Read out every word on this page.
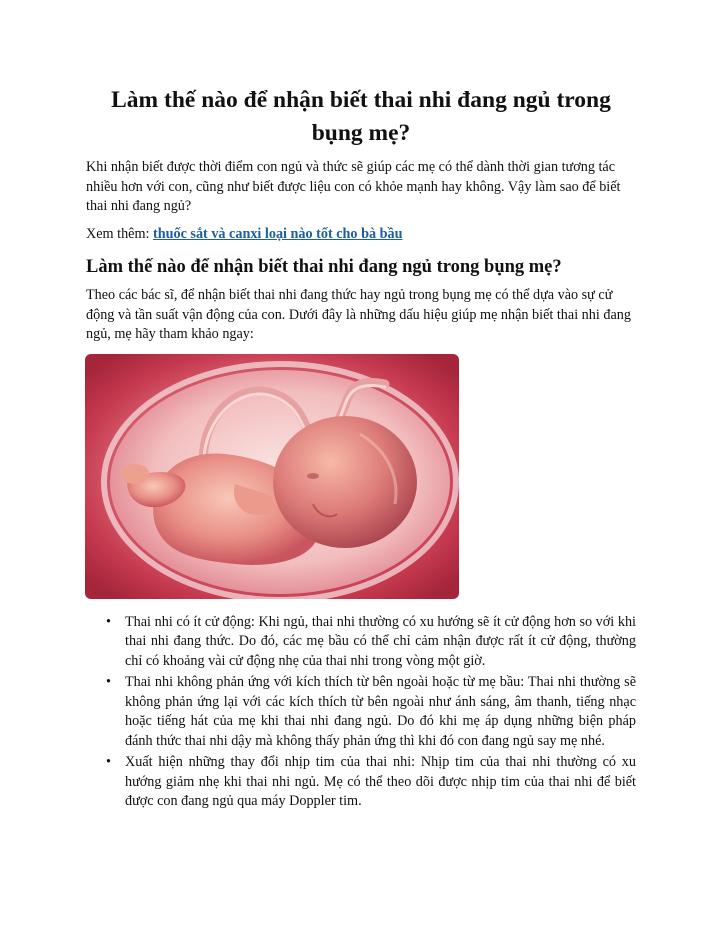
Làm thế nào để nhận biết thai nhi đang ngủ trong bụng mẹ?

Khi nhận biết được thời điểm con ngủ và thức sẽ giúp các mẹ có thể dành thời gian tương tác nhiều hơn với con, cũng như biết được liệu con có khỏe mạnh hay không. Vậy làm sao để biết thai nhi đang ngủ?

Xem thêm: thuốc sắt và canxi loại nào tốt cho bà bầu

Làm thế nào để nhận biết thai nhi đang ngủ trong bụng mẹ?

Theo các bác sĩ, để nhận biết thai nhi đang thức hay ngủ trong bụng mẹ có thể dựa vào sự cử động và tần suất vận động của con. Dưới đây là những dấu hiệu giúp mẹ nhận biết thai nhi đang ngủ, mẹ hãy tham khảo ngay:

• Thai nhi có ít cử động: Khi ngủ, thai nhi thường có xu hướng sẽ ít cử động hơn so với khi thai nhi đang thức. Do đó, các mẹ bầu có thể chỉ cảm nhận được rất ít cử động, thường chỉ có khoảng vài cử động nhẹ của thai nhi trong vòng một giờ.
• Thai nhi không phản ứng với kích thích từ bên ngoài hoặc từ mẹ bầu: Thai nhi thường sẽ không phản ứng lại với các kích thích từ bên ngoài như ánh sáng, âm thanh, tiếng nhạc hoặc tiếng hát của mẹ khi thai nhi đang ngủ. Do đó khi mẹ áp dụng những biện pháp đánh thức thai nhi dậy mà không thấy phản ứng thì khi đó con đang ngủ say mẹ nhé.
• Xuất hiện những thay đổi nhịp tim của thai nhi: Nhịp tim của thai nhi thường có xu hướng giảm nhẹ khi thai nhi ngủ. Mẹ có thể theo dõi được nhịp tim của thai nhi để biết được con đang ngủ qua máy Doppler tim.
